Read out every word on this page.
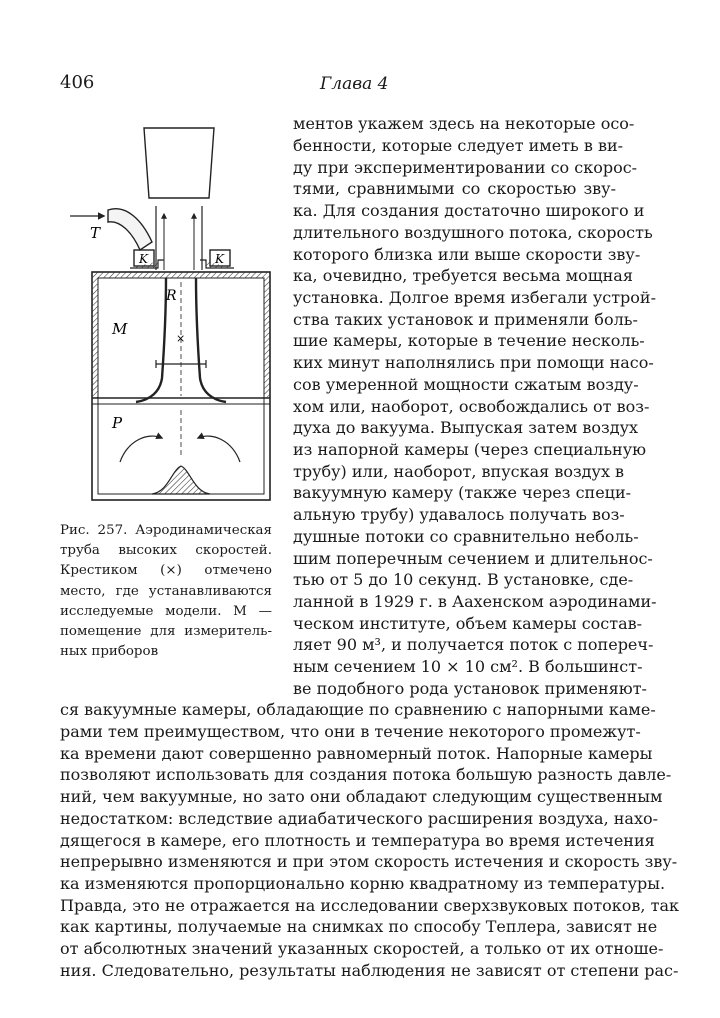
406	Глава 4
T
K	K
R
×
M
P
Рис. 257. Аэродинамическая
труба высоких скоростей.
Крестиком (×) отмечено
место, где устанавливаются
исследуемые модели. M —
помещение для измеритель-
ных приборов
ментов укажем здесь на некоторые осо-
бенности, которые следует иметь в ви-
ду при экспериментировании со скорос-
тями, сравнимыми со скоростью зву-
ка. Для создания достаточно широкого и
длительного воздушного потока, скорость
которого близка или выше скорости зву-
ка, очевидно, требуется весьма мощная
установка. Долгое время избегали устрой-
ства таких установок и применяли боль-
шие камеры, которые в течение несколь-
ких минут наполнялись при помощи насо-
сов умеренной мощности сжатым возду-
хом или, наоборот, освобождались от воз-
духа до вакуума. Выпуская затем воздух
из напорной камеры (через специальную
трубу) или, наоборот, впуская воздух в
вакуумную камеру (также через специ-
альную трубу) удавалось получать воз-
душные потоки со сравнительно неболь-
шим поперечным сечением и длительнос-
тью от 5 до 10 секунд. В установке, сде-
ланной в 1929 г. в Аахенском аэродинами-
ческом институте, объем камеры состав-
ляет 90 м³, и получается поток с попереч-
ным сечением 10 × 10 см². В большинст-
ве подобного рода установок применяют-
ся вакуумные камеры, обладающие по сравнению с напорными каме-
рами тем преимуществом, что они в течение некоторого промежут-
ка времени дают совершенно равномерный поток. Напорные камеры
позволяют использовать для создания потока большую разность давле-
ний, чем вакуумные, но зато они обладают следующим существенным
недостатком: вследствие адиабатического расширения воздуха, нахо-
дящегося в камере, его плотность и температура во время истечения
непрерывно изменяются и при этом скорость истечения и скорость зву-
ка изменяются пропорционально корню квадратному из температуры.
Правда, это не отражается на исследовании сверхзвуковых потоков, так
как картины, получаемые на снимках по способу Теплера, зависят не
от абсолютных значений указанных скоростей, а только от их отноше-
ния. Следовательно, результаты наблюдения не зависят от степени рас-
